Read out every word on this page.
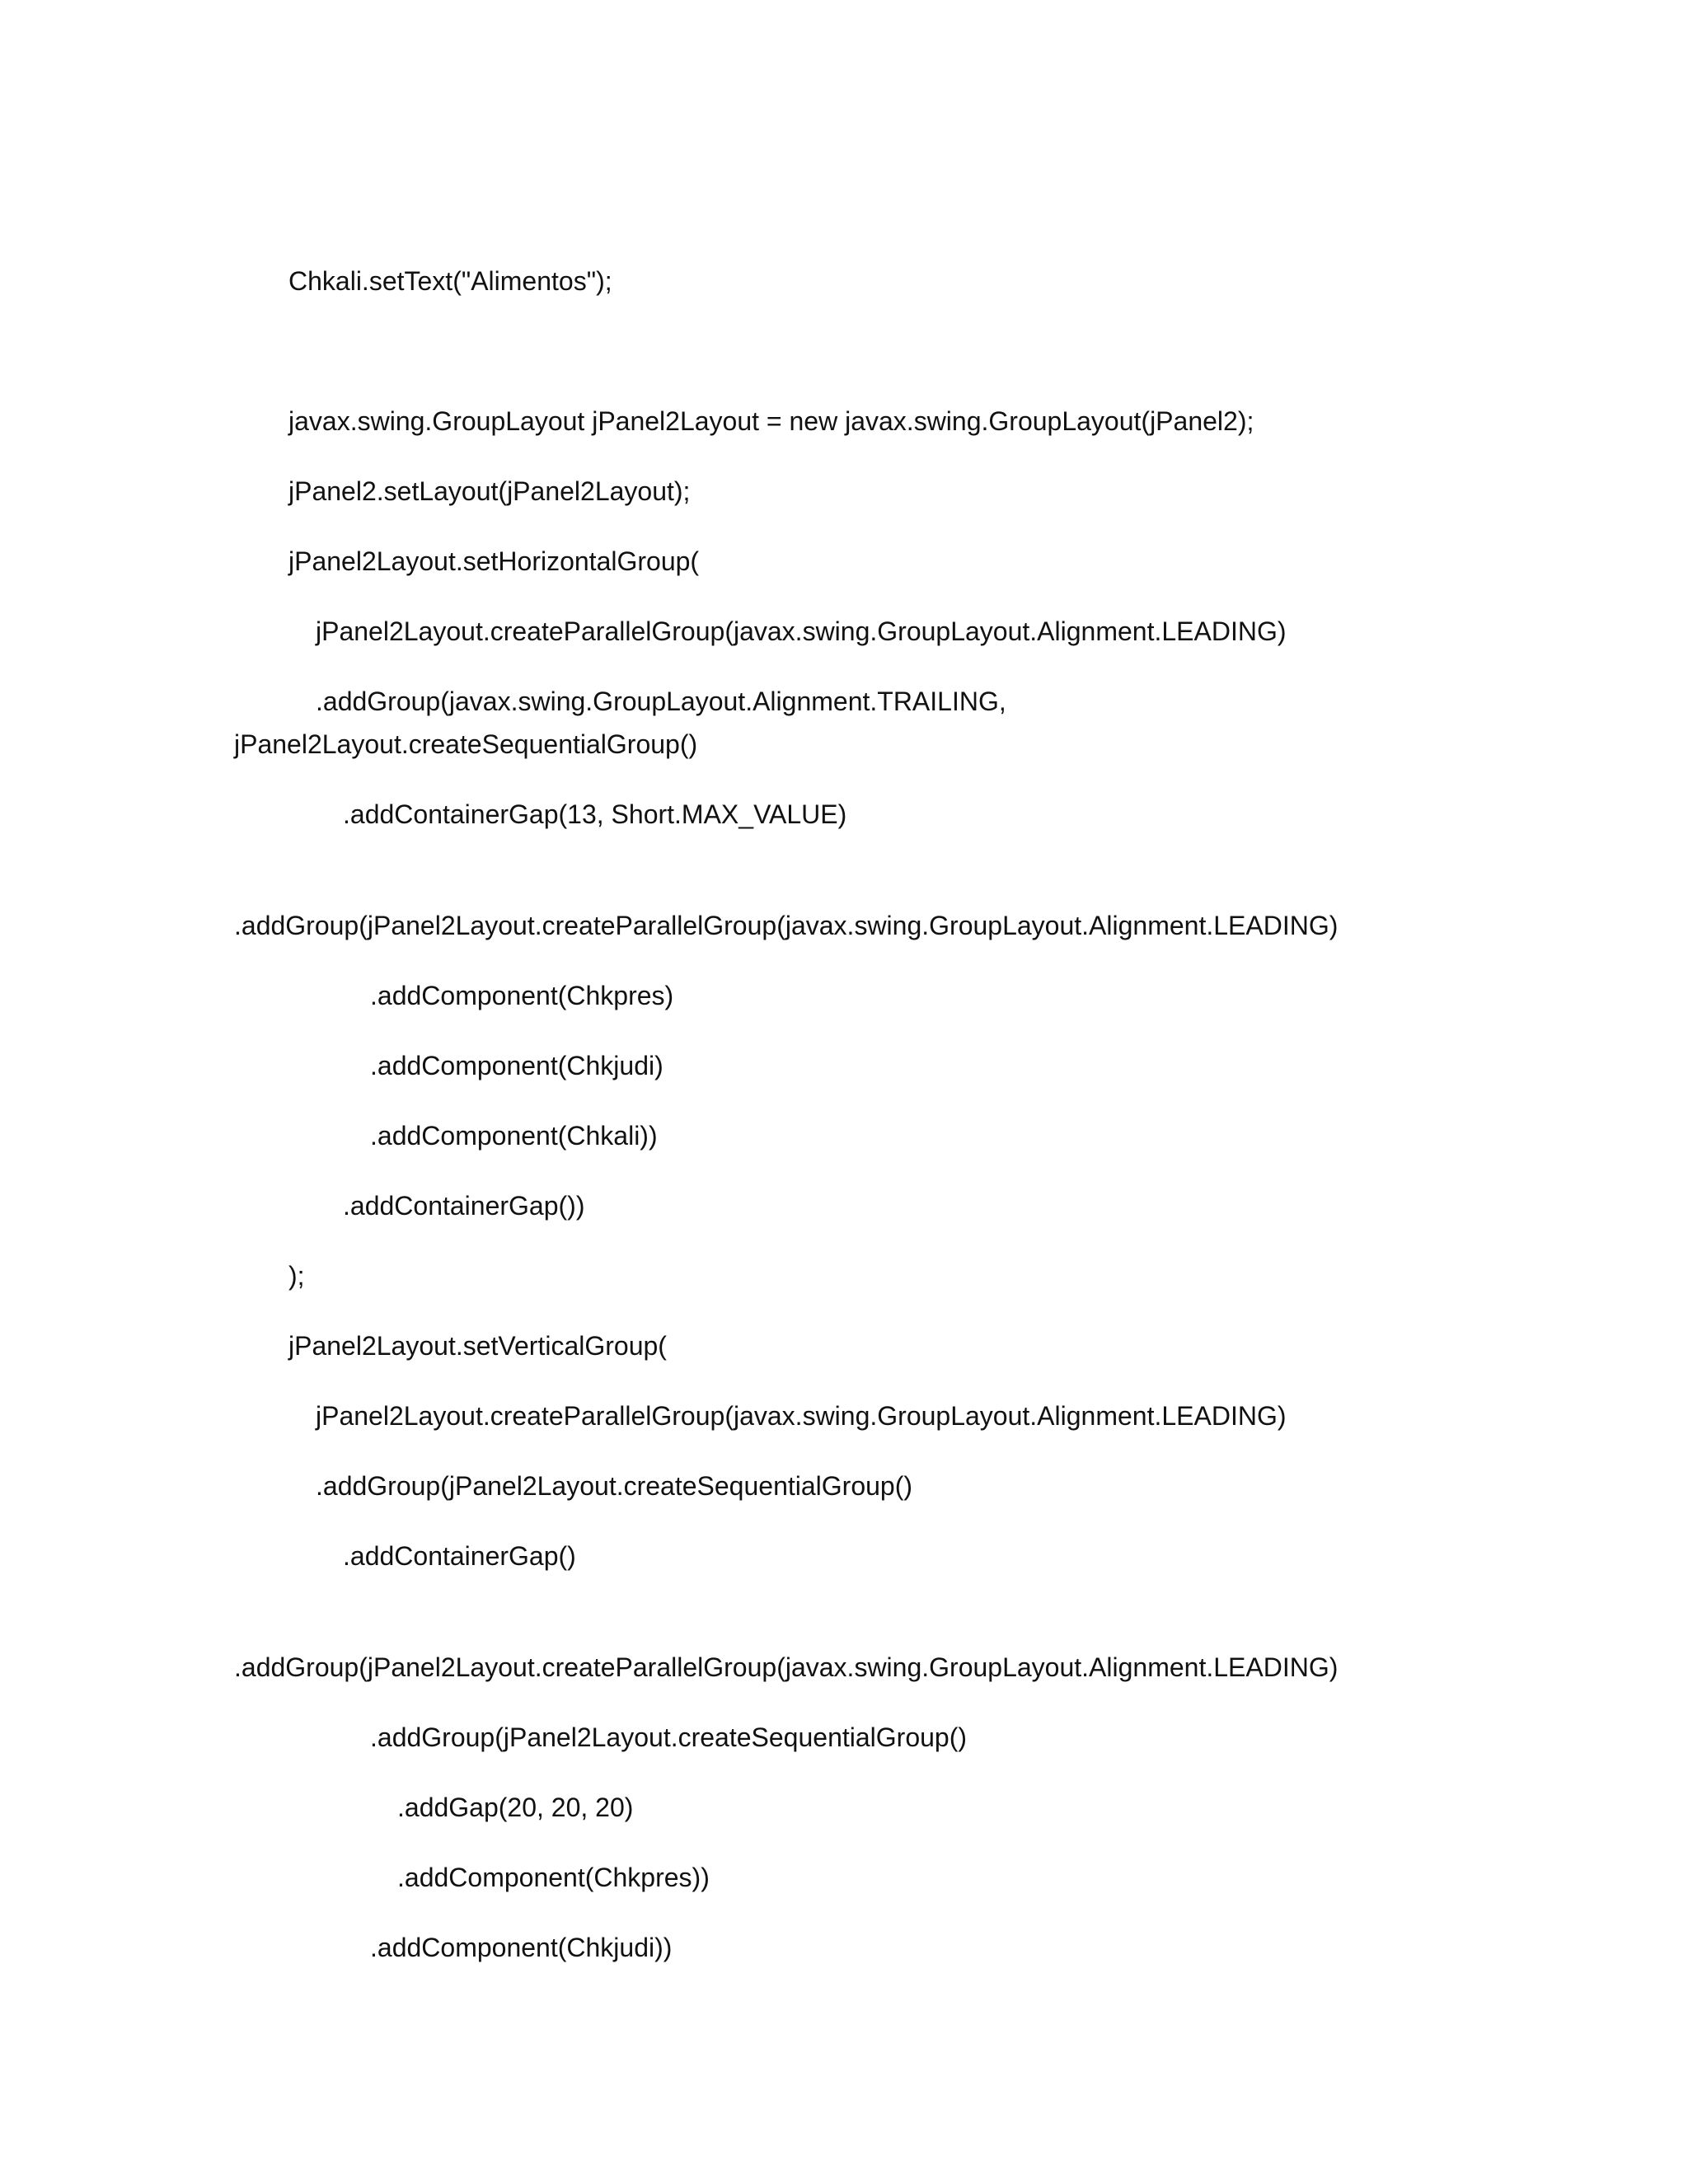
Chkali.setText("Alimentos");

javax.swing.GroupLayout jPanel2Layout = new javax.swing.GroupLayout(jPanel2);

jPanel2.setLayout(jPanel2Layout);

jPanel2Layout.setHorizontalGroup(

jPanel2Layout.createParallelGroup(javax.swing.GroupLayout.Alignment.LEADING)

.addGroup(javax.swing.GroupLayout.Alignment.TRAILING,

jPanel2Layout.createSequentialGroup()

.addContainerGap(13, Short.MAX_VALUE)

.addGroup(jPanel2Layout.createParallelGroup(javax.swing.GroupLayout.Alignment.LEADING)

.addComponent(Chkpres)

.addComponent(Chkjudi)

.addComponent(Chkali))

.addContainerGap())

);

jPanel2Layout.setVerticalGroup(

jPanel2Layout.createParallelGroup(javax.swing.GroupLayout.Alignment.LEADING)

.addGroup(jPanel2Layout.createSequentialGroup()

.addContainerGap()

.addGroup(jPanel2Layout.createParallelGroup(javax.swing.GroupLayout.Alignment.LEADING)

.addGroup(jPanel2Layout.createSequentialGroup()

.addGap(20, 20, 20)

.addComponent(Chkpres))

.addComponent(Chkjudi))
